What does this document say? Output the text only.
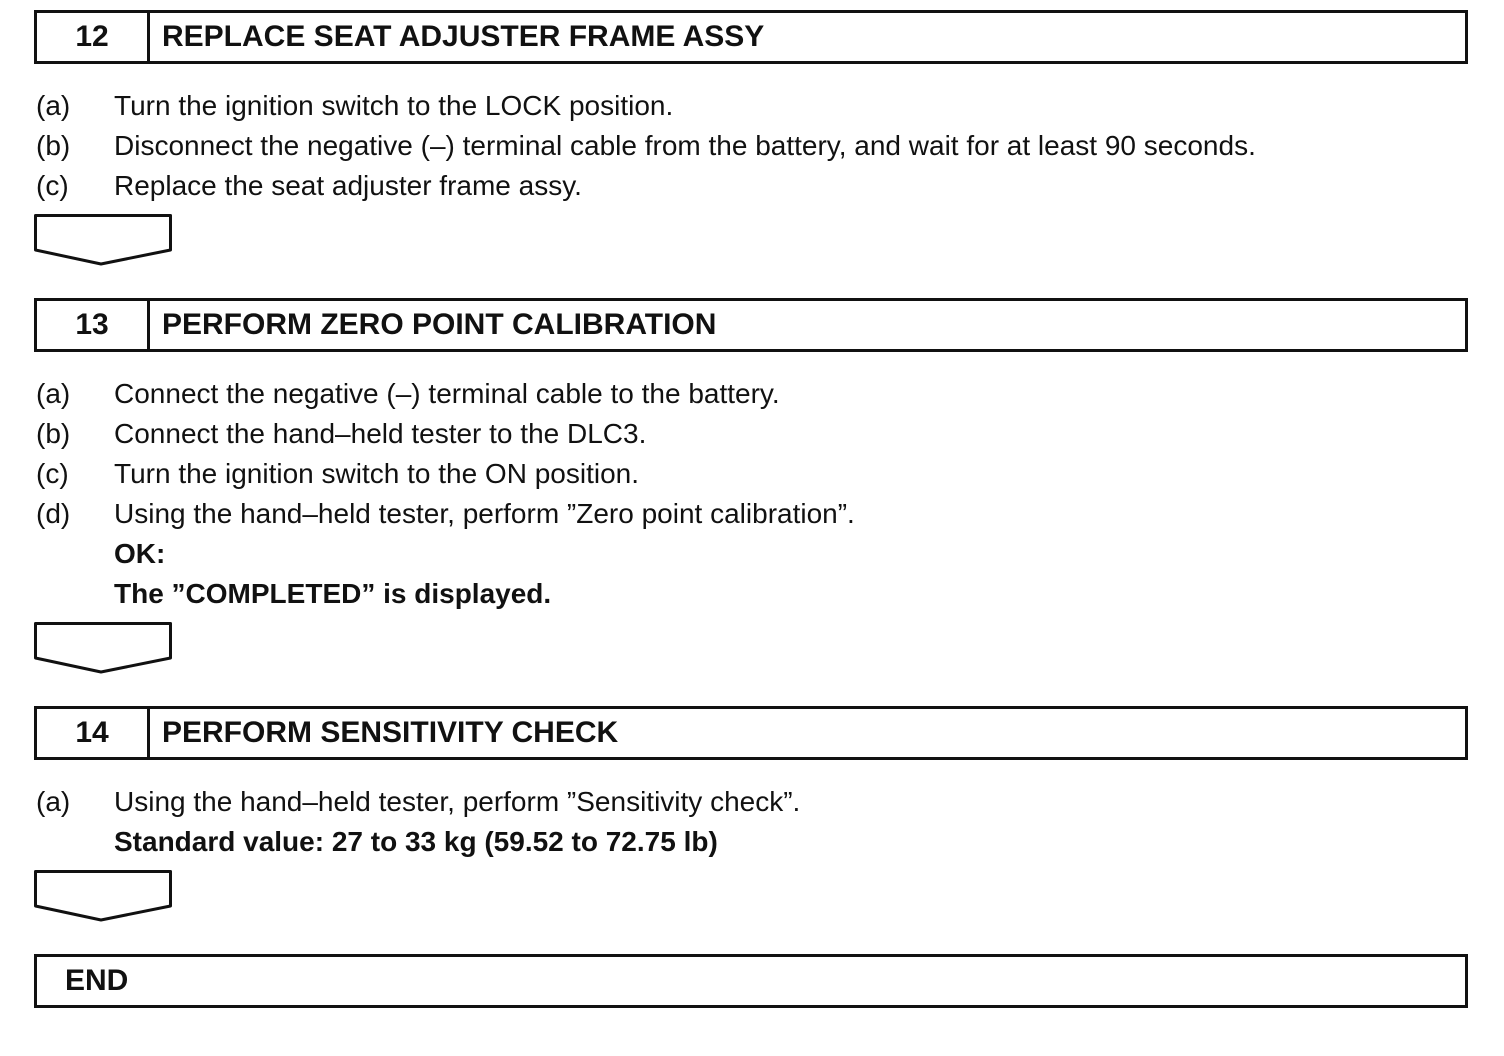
12	REPLACE SEAT ADJUSTER FRAME ASSY
(a) Turn the ignition switch to the LOCK position.
(b) Disconnect the negative (–) terminal cable from the battery, and wait for at least 90 seconds.
(c) Replace the seat adjuster frame assy.
13	PERFORM ZERO POINT CALIBRATION
(a) Connect the negative (–) terminal cable to the battery.
(b) Connect the hand–held tester to the DLC3.
(c) Turn the ignition switch to the ON position.
(d) Using the hand–held tester, perform ”Zero point calibration”.
OK:
The ”COMPLETED” is displayed.
14	PERFORM SENSITIVITY CHECK
(a) Using the hand–held tester, perform ”Sensitivity check”.
Standard value: 27 to 33 kg (59.52 to 72.75 lb)
END
